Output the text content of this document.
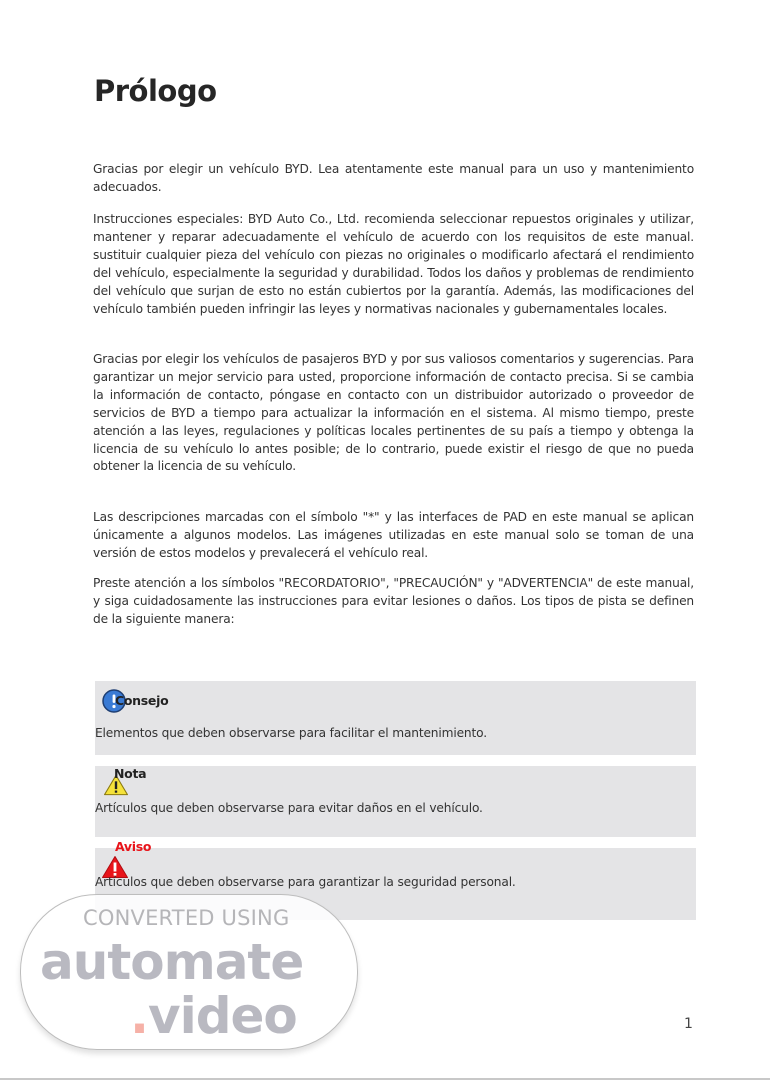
Prólogo

Gracias por elegir un vehículo BYD. Lea atentamente este manual para un uso y mantenimiento adecuados.

Instrucciones especiales: BYD Auto Co., Ltd. recomienda seleccionar repuestos originales y utilizar, mantener y reparar adecuadamente el vehículo de acuerdo con los requisitos de este manual. sustituir cualquier pieza del vehículo con piezas no originales o modificarlo afectará el rendimiento del vehículo, especialmente la seguridad y durabilidad. Todos los daños y problemas de rendimiento del vehículo que surjan de esto no están cubiertos por la garantía. Además, las modificaciones del vehículo también pueden infringir las leyes y normativas nacionales y gubernamentales locales.

Gracias por elegir los vehículos de pasajeros BYD y por sus valiosos comentarios y sugerencias. Para garantizar un mejor servicio para usted, proporcione información de contacto precisa. Si se cambia la información de contacto, póngase en contacto con un distribuidor autorizado o proveedor de servicios de BYD a tiempo para actualizar la información en el sistema. Al mismo tiempo, preste atención a las leyes, regulaciones y políticas locales pertinentes de su país a tiempo y obtenga la licencia de su vehículo lo antes posible; de lo contrario, puede existir el riesgo de que no pueda obtener la licencia de su vehículo.

Las descripciones marcadas con el símbolo "*" y las interfaces de PAD en este manual se aplican únicamente a algunos modelos. Las imágenes utilizadas en este manual solo se toman de una versión de estos modelos y prevalecerá el vehículo real.

Preste atención a los símbolos "RECORDATORIO", "PRECAUCIÓN" y "ADVERTENCIA" de este manual, y siga cuidadosamente las instrucciones para evitar lesiones o daños. Los tipos de pista se definen de la siguiente manera:

Consejo
Elementos que deben observarse para facilitar el mantenimiento.
Nota
Artículos que deben observarse para evitar daños en el vehículo.
Aviso
Artículos que deben observarse para garantizar la seguridad personal.
CONVERTED USING
automate
.video	1
